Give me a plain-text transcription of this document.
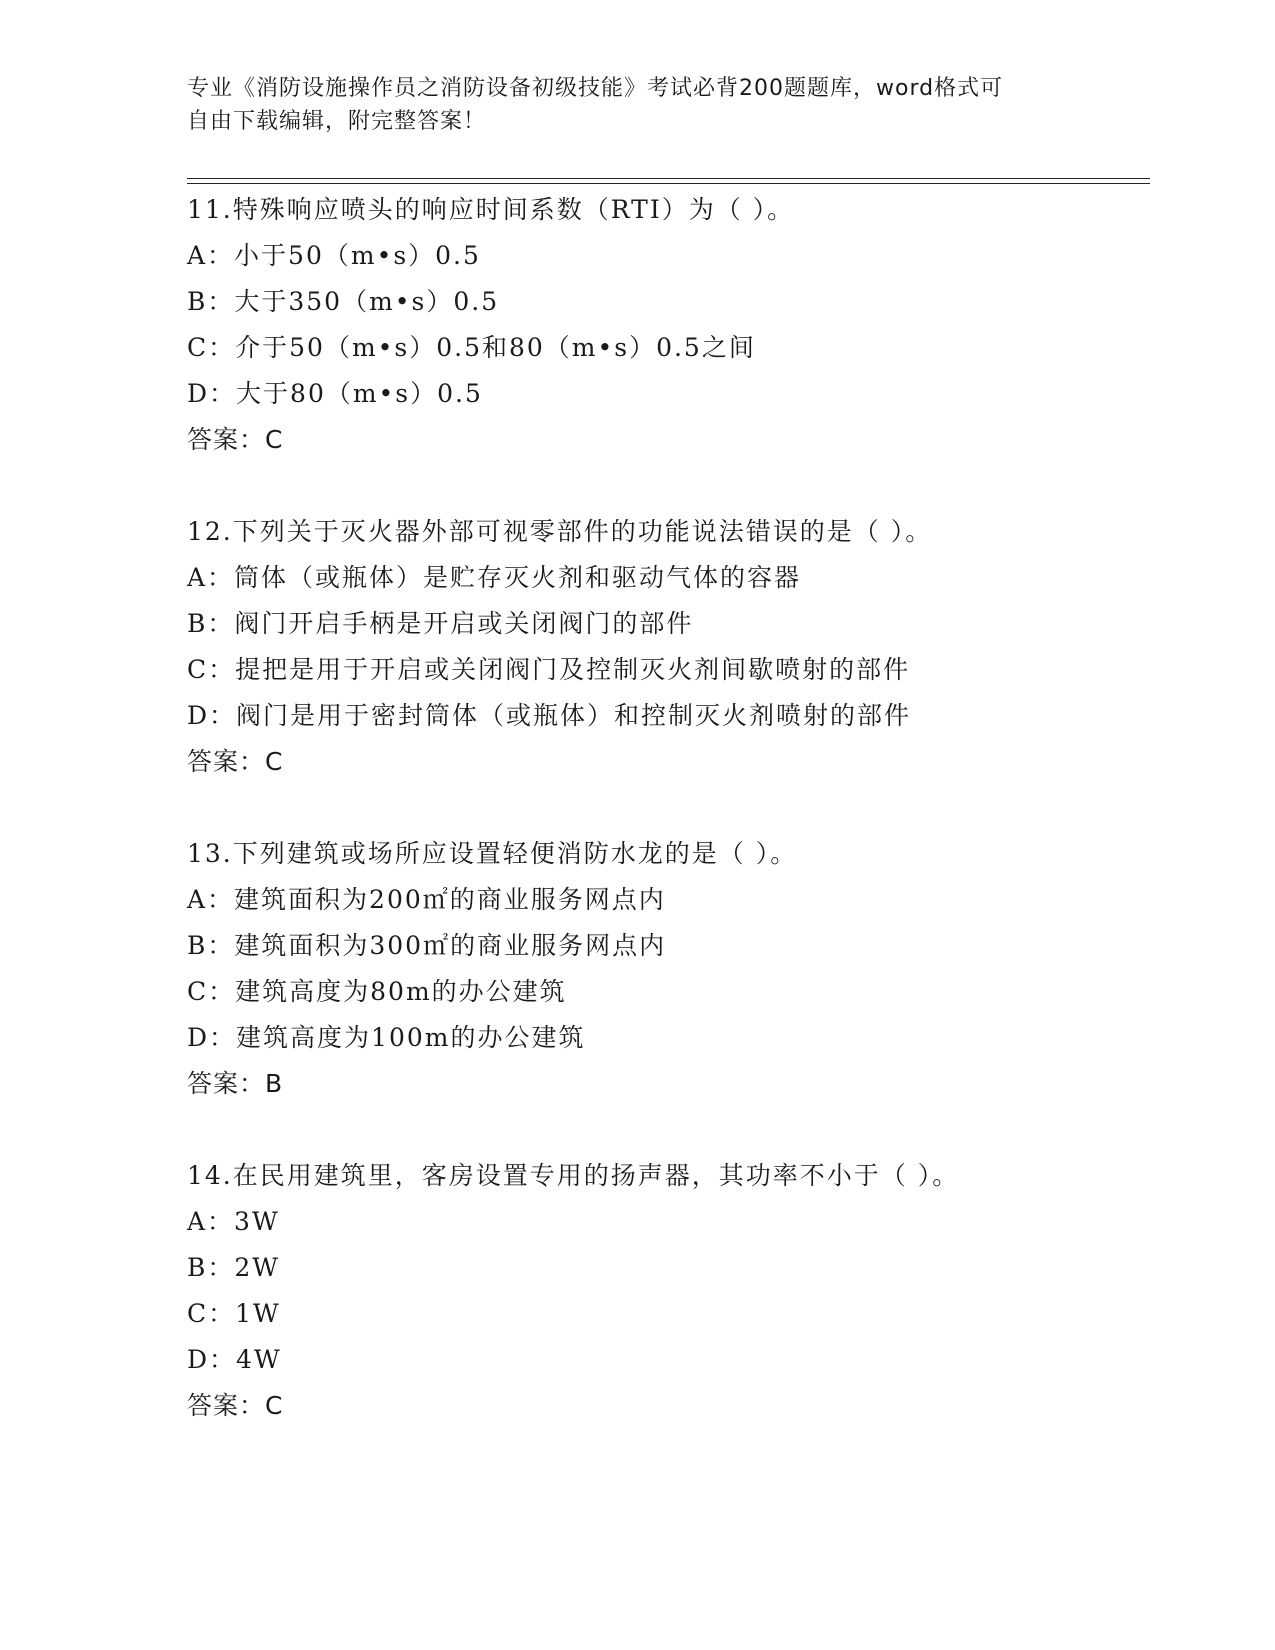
专业《消防设施操作员之消防设备初级技能》考试必背200题题库，word格式可
自由下载编辑，附完整答案！
11.特殊响应喷头的响应时间系数（RTI）为（ ）。
A：小于50（m•s）0.5
B：大于350（m•s）0.5
C：介于50（m•s）0.5和80（m•s）0.5之间
D：大于80（m•s）0.5
答案：C
12.下列关于灭火器外部可视零部件的功能说法错误的是（ ）。
A：筒体（或瓶体）是贮存灭火剂和驱动气体的容器
B：阀门开启手柄是开启或关闭阀门的部件
C：提把是用于开启或关闭阀门及控制灭火剂间歇喷射的部件
D：阀门是用于密封筒体（或瓶体）和控制灭火剂喷射的部件
答案：C
13.下列建筑或场所应设置轻便消防水龙的是（ ）。
A：建筑面积为200㎡的商业服务网点内
B：建筑面积为300㎡的商业服务网点内
C：建筑高度为80m的办公建筑
D：建筑高度为100m的办公建筑
答案：B
14.在民用建筑里，客房设置专用的扬声器，其功率不小于（ ）。
A：3W
B：2W
C：1W
D：4W
答案：C
